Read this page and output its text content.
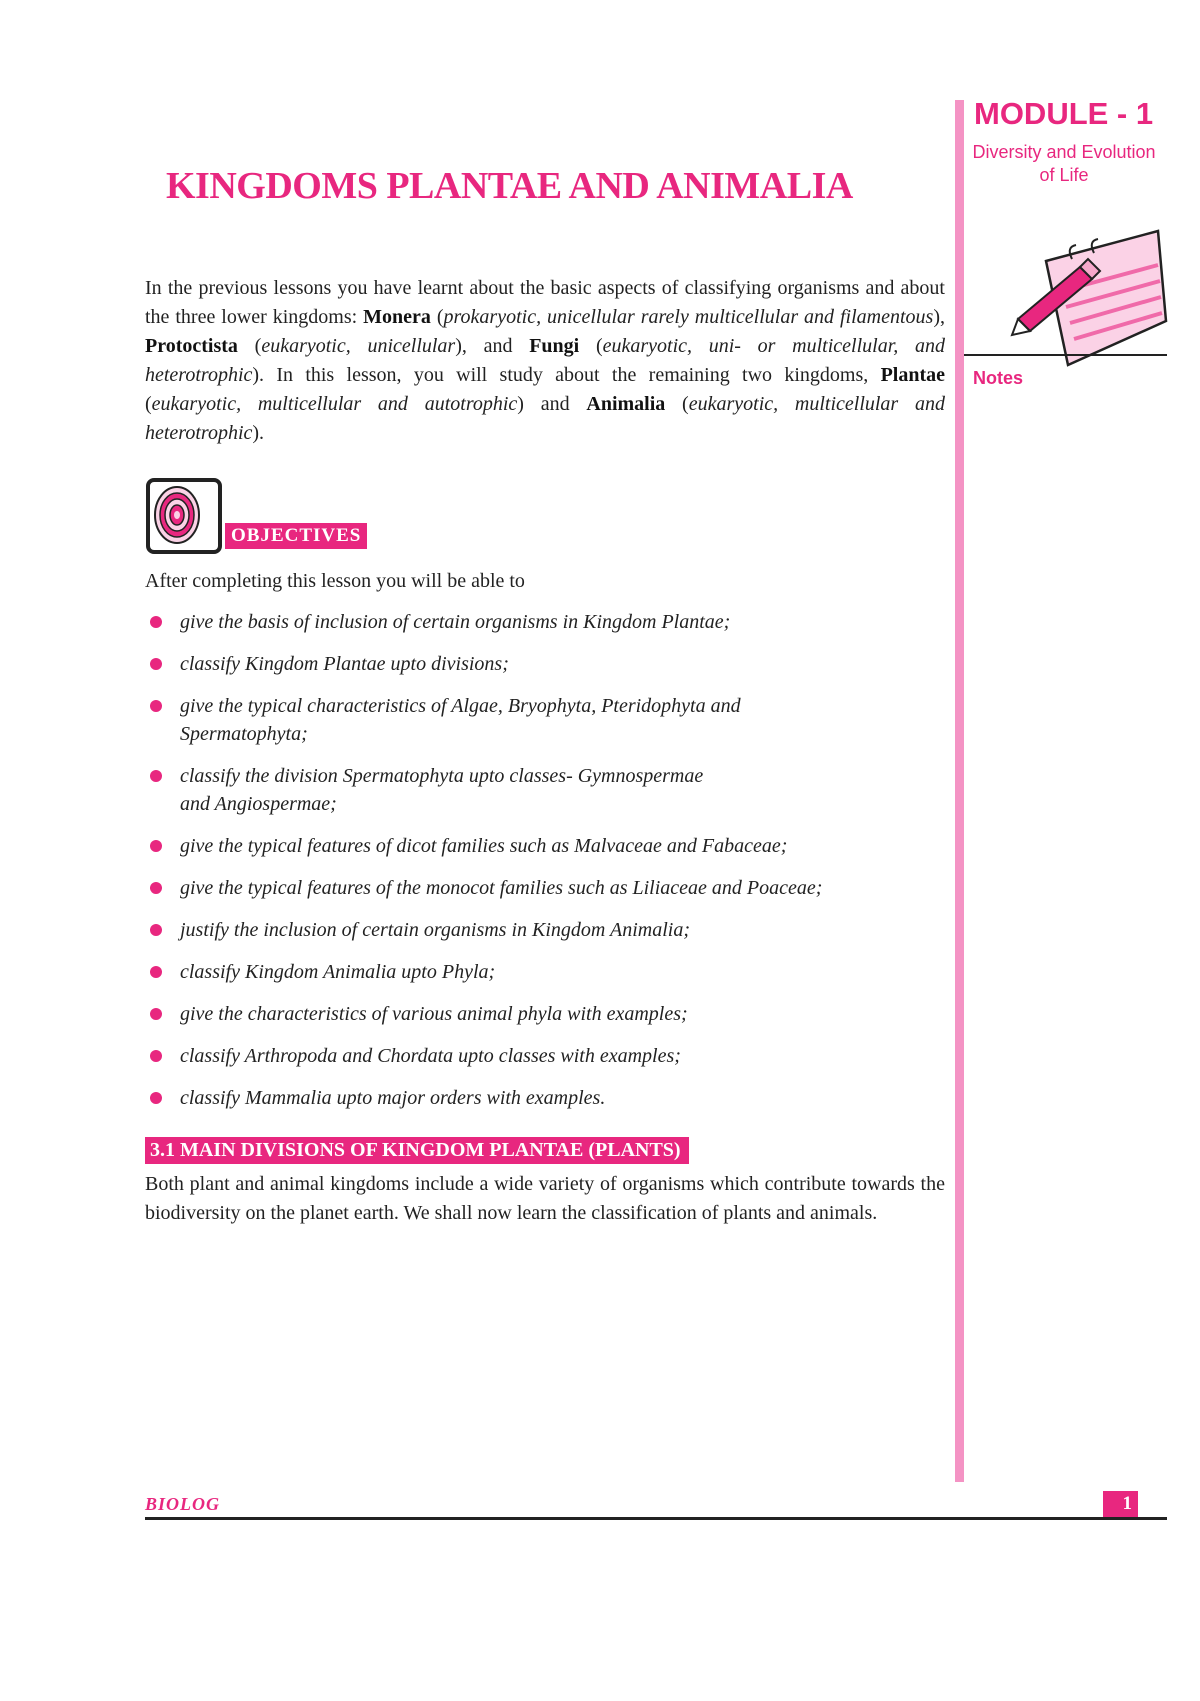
MODULE - 1
Diversity and Evolution
of Life
Notes
KINGDOMS PLANTAE AND ANIMALIA
In the previous lessons you have learnt about the basic aspects of classifying organisms and about the three lower kingdoms: Monera (prokaryotic, unicellular rarely multicellular and filamentous), Protoctista (eukaryotic, unicellular), and Fungi (eukaryotic, uni- or multicellular, and heterotrophic). In this lesson, you will study about the remaining two kingdoms, Plantae (eukaryotic, multicellular and autotrophic) and Animalia (eukaryotic, multicellular and heterotrophic).
OBJECTIVES
After completing this lesson you will be able to
give the basis of inclusion of certain organisms in Kingdom Plantae;
classify Kingdom Plantae upto divisions;
give the typical characteristics of Algae, Bryophyta, Pteridophyta and
Spermatophyta;
classify the division Spermatophyta upto classes- Gymnospermae
and Angiospermae;
give the typical features of dicot families such as Malvaceae and Fabaceae;
give the typical features of the monocot families such as Liliaceae and Poaceae;
justify the inclusion of certain organisms in Kingdom Animalia;
classify Kingdom Animalia upto Phyla;
give the characteristics of various animal phyla with examples;
classify Arthropoda and Chordata upto classes with examples;
classify Mammalia upto major orders with examples.
3.1 MAIN DIVISIONS OF KINGDOM PLANTAE (PLANTS)
Both plant and animal kingdoms include a wide variety of organisms which contribute towards the biodiversity on the planet earth. We shall now learn the classification of plants and animals.
BIOLOG	1
